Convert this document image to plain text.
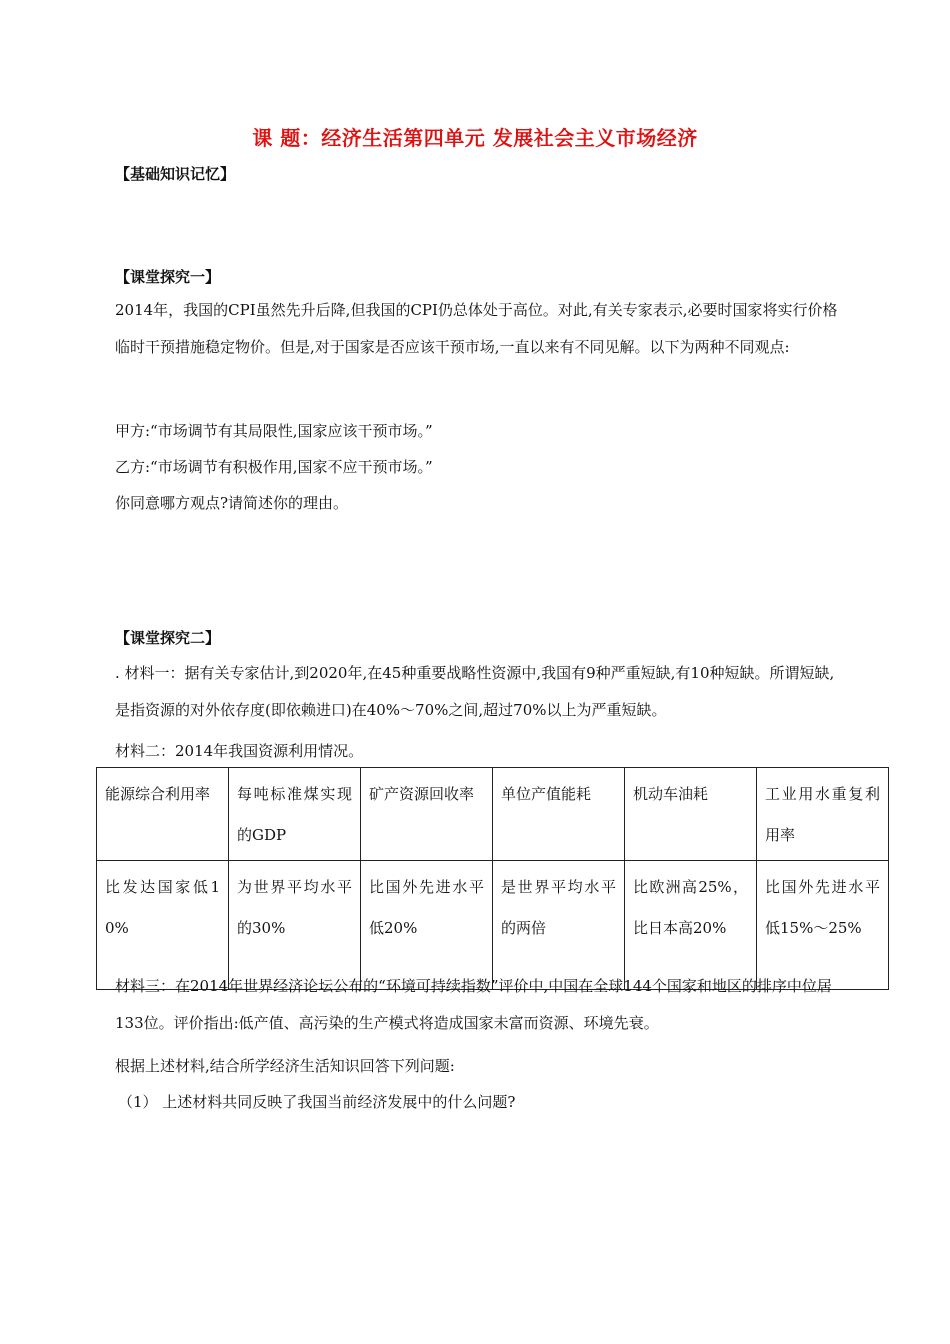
课 题：经济生活第四单元 发展社会主义市场经济
【基础知识记忆】
【课堂探究一】

2014年，我国的CPI虽然先升后降,但我国的CPI仍总体处于高位。对此,有关专家表示,必要时国家将实行价格临时干预措施稳定物价。但是,对于国家是否应该干预市场,一直以来有不同见解。以下为两种不同观点:

甲方:“市场调节有其局限性,国家应该干预市场。”
乙方:“市场调节有积极作用,国家不应干预市场。”
你同意哪方观点?请简述你的理由。
【课堂探究二】

. 材料一：据有关专家估计,到2020年,在45种重要战略性资源中,我国有9种严重短缺,有10种短缺。所谓短缺,是指资源的对外依存度(即依赖进口)在40%～70%之间,超过70%以上为严重短缺。

材料二：2014年我国资源利用情况。
能源综合利用率	每吨标准煤实现的GDP	矿产资源回收率	单位产值能耗	机动车油耗	工业用水重复利用率
比发达国家低10%	为世界平均水平的30%	比国外先进水平低20%	是世界平均水平的两倍	比欧洲高25%，比日本高20%	比国外先进水平低15%～25%

材料三：在2014年世界经济论坛公布的“环境可持续指数”评价中,中国在全球144个国家和地区的排序中位居133位。评价指出:低产值、高污染的生产模式将造成国家未富而资源、环境先衰。

根据上述材料,结合所学经济生活知识回答下列问题:
（1） 上述材料共同反映了我国当前经济发展中的什么问题?
